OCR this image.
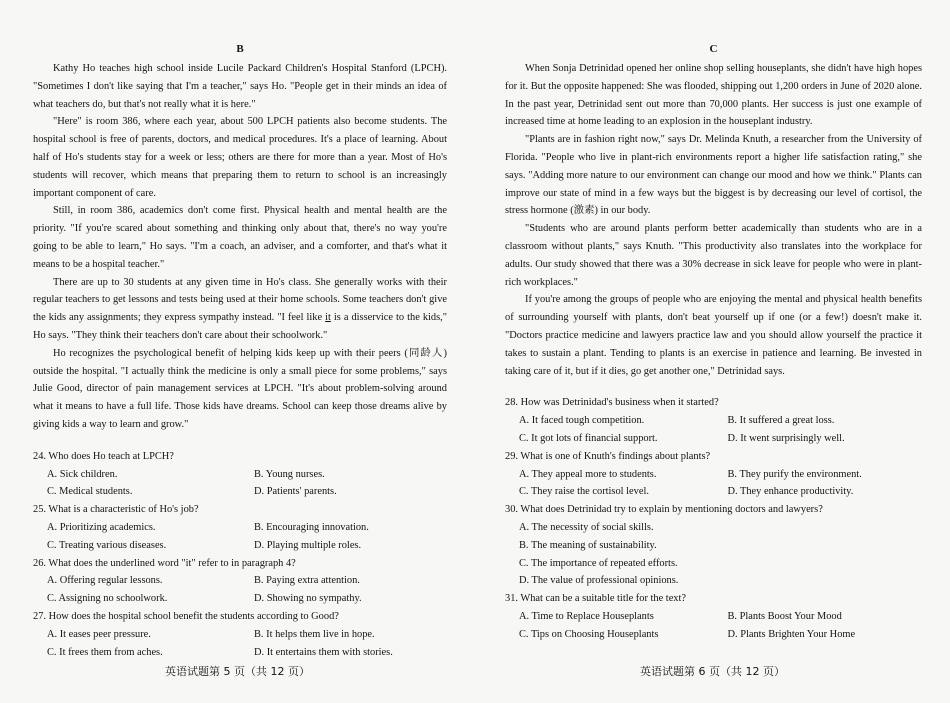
B

Kathy Ho teaches high school inside Lucile Packard Children's Hospital Stanford (LPCH). "Sometimes I don't like saying that I'm a teacher," says Ho. "People get in their minds an idea of what teachers do, but that's not really what it is here."

"Here" is room 386, where each year, about 500 LPCH patients also become students. The hospital school is free of parents, doctors, and medical procedures. It's a place of learning. About half of Ho's students stay for a week or less; others are there for more than a year. Most of Ho's students will recover, which means that preparing them to return to school is an increasingly important component of care.

Still, in room 386, academics don't come first. Physical health and mental health are the priority. "If you're scared about something and thinking only about that, there's no way you're going to be able to learn," Ho says. "I'm a coach, an adviser, and a comforter, and that's what it means to be a hospital teacher."

There are up to 30 students at any given time in Ho's class. She generally works with their regular teachers to get lessons and tests being used at their home schools. Some teachers don't give the kids any assignments; they express sympathy instead. "I feel like it is a disservice to the kids," Ho says. "They think their teachers don't care about their schoolwork."

Ho recognizes the psychological benefit of helping kids keep up with their peers (同龄人) outside the hospital. "I actually think the medicine is only a small piece for some problems," says Julie Good, director of pain management services at LPCH. "It's about problem-solving around what it means to have a full life. Those kids have dreams. School can keep those dreams alive by giving kids a way to learn and grow."

24. Who does Ho teach at LPCH?

A. Sick children.	B. Young nurses.
C. Medical students.	D. Patients' parents.

25. What is a characteristic of Ho's job?

A. Prioritizing academics.	B. Encouraging innovation.
C. Treating various diseases.	D. Playing multiple roles.

26. What does the underlined word "it" refer to in paragraph 4?

A. Offering regular lessons.	B. Paying extra attention.
C. Assigning no schoolwork.	D. Showing no sympathy.

27. How does the hospital school benefit the students according to Good?

A. It eases peer pressure.	B. It helps them live in hope.
C. It frees them from aches.	D. It entertains them with stories.
英语试题第 5 页（共 12 页）
C

When Sonja Detrinidad opened her online shop selling houseplants, she didn't have high hopes for it. But the opposite happened: She was flooded, shipping out 1,200 orders in June of 2020 alone. In the past year, Detrinidad sent out more than 70,000 plants. Her success is just one example of increased time at home leading to an explosion in the houseplant industry.

"Plants are in fashion right now," says Dr. Melinda Knuth, a researcher from the University of Florida. "People who live in plant-rich environments report a higher life satisfaction rating," she says. "Adding more nature to our environment can change our mood and how we think." Plants can improve our state of mind in a few ways but the biggest is by decreasing our level of cortisol, the stress hormone (激素) in our body.

"Students who are around plants perform better academically than students who are in a classroom without plants," says Knuth. "This productivity also translates into the workplace for adults. Our study showed that there was a 30% decrease in sick leave for people who were in plant-rich workplaces."

If you're among the groups of people who are enjoying the mental and physical health benefits of surrounding yourself with plants, don't beat yourself up if one (or a few!) doesn't make it. "Doctors practice medicine and lawyers practice law and you should allow yourself the practice it takes to sustain a plant. Tending to plants is an exercise in patience and learning. Be invested in taking care of it, but if it dies, go get another one," Detrinidad says.

28. How was Detrinidad's business when it started?

A. It faced tough competition.	B. It suffered a great loss.
C. It got lots of financial support.	D. It went surprisingly well.

29. What is one of Knuth's findings about plants?

A. They appeal more to students.	B. They purify the environment.
C. They raise the cortisol level.	D. They enhance productivity.

30. What does Detrinidad try to explain by mentioning doctors and lawyers?

A. The necessity of social skills.
B. The meaning of sustainability.
C. The importance of repeated efforts.
D. The value of professional opinions.

31. What can be a suitable title for the text?

A. Time to Replace Houseplants	B. Plants Boost Your Mood
C. Tips on Choosing Houseplants	D. Plants Brighten Your Home
英语试题第 6 页（共 12 页）
